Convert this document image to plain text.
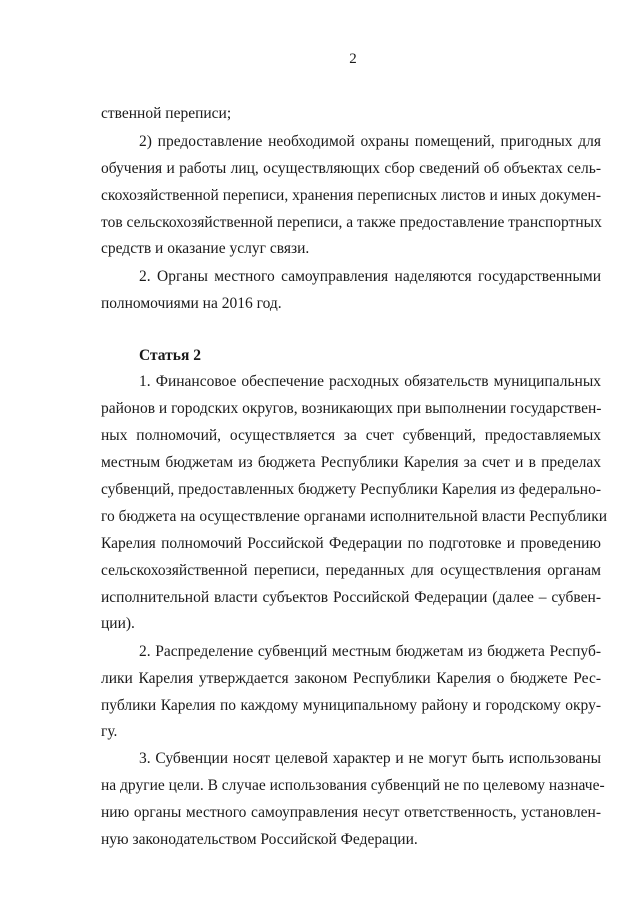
2
ственной переписи;
2) предоставление необходимой охраны помещений, пригодных для
обучения и работы лиц, осуществляющих сбор сведений об объектах сель-
скохозяйственной переписи, хранения переписных листов и иных докумен-
тов сельскохозяйственной переписи, а также предоставление транспортных
средств и оказание услуг связи.
2. Органы местного самоуправления наделяются государственными
полномочиями на 2016 год.
Статья 2
1. Финансовое обеспечение расходных обязательств муниципальных
районов и городских округов, возникающих при выполнении государствен-
ных полномочий, осуществляется за счет субвенций, предоставляемых
местным бюджетам из бюджета Республики Карелия за счет и в пределах
субвенций, предоставленных бюджету Республики Карелия из федерально-
го бюджета на осуществление органами исполнительной власти Республики
Карелия полномочий Российской Федерации по подготовке и проведению
сельскохозяйственной переписи, переданных для осуществления органам
исполнительной власти субъектов Российской Федерации (далее – субвен-
ции).
2. Распределение субвенций местным бюджетам из бюджета Респуб-
лики Карелия утверждается законом Республики Карелия о бюджете Рес-
публики Карелия по каждому муниципальному району и городскому окру-
гу.
3. Субвенции носят целевой характер и не могут быть использованы
на другие цели. В случае использования субвенций не по целевому назначе-
нию органы местного самоуправления несут ответственность, установлен-
ную законодательством Российской Федерации.
